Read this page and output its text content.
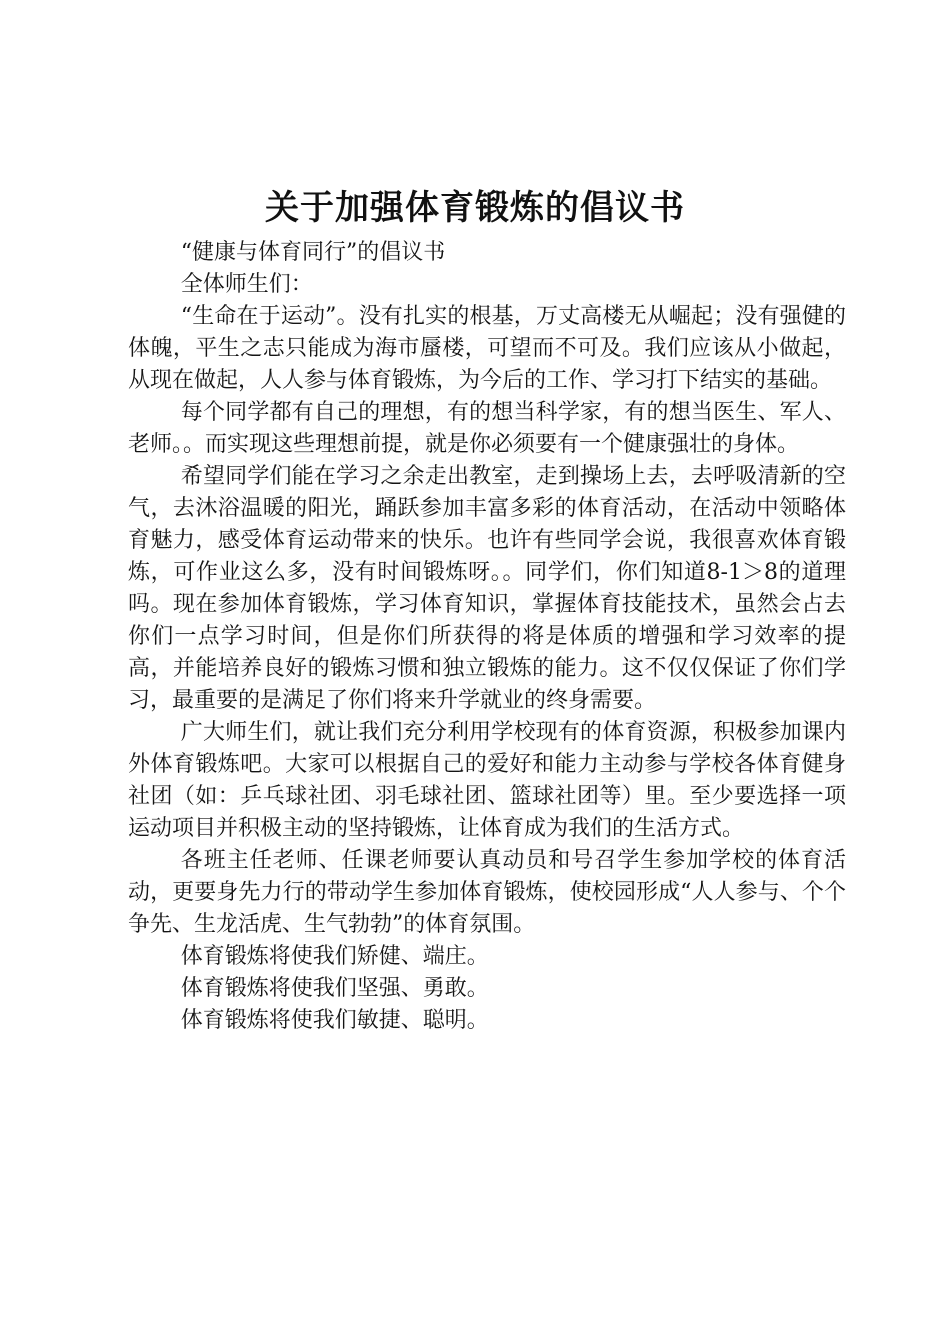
关于加强体育锻炼的倡议书

“健康与体育同行”的倡议书

全体师生们：

“生命在于运动”。没有扎实的根基，万丈高楼无从崛起；没有强健的体魄，平生之志只能成为海市蜃楼，可望而不可及。我们应该从小做起，从现在做起，人人参与体育锻炼，为今后的工作、学习打下结实的基础。

每个同学都有自己的理想，有的想当科学家，有的想当医生、军人、老师。。而实现这些理想前提，就是你必须要有一个健康强壮的身体。

希望同学们能在学习之余走出教室，走到操场上去，去呼吸清新的空气，去沐浴温暖的阳光，踊跃参加丰富多彩的体育活动，在活动中领略体育魅力，感受体育运动带来的快乐。也许有些同学会说，我很喜欢体育锻炼，可作业这么多，没有时间锻炼呀。。同学们，你们知道8-1＞8的道理吗。现在参加体育锻炼，学习体育知识，掌握体育技能技术，虽然会占去你们一点学习时间，但是你们所获得的将是体质的增强和学习效率的提高，并能培养良好的锻炼习惯和独立锻炼的能力。这不仅仅保证了你们学习，最重要的是满足了你们将来升学就业的终身需要。

广大师生们，就让我们充分利用学校现有的体育资源，积极参加课内外体育锻炼吧。大家可以根据自己的爱好和能力主动参与学校各体育健身社团（如：乒乓球社团、羽毛球社团、篮球社团等）里。至少要选择一项运动项目并积极主动的坚持锻炼，让体育成为我们的生活方式。

各班主任老师、任课老师要认真动员和号召学生参加学校的体育活动，更要身先力行的带动学生参加体育锻炼，使校园形成“人人参与、个个争先、生龙活虎、生气勃勃”的体育氛围。

体育锻炼将使我们矫健、端庄。

体育锻炼将使我们坚强、勇敢。

体育锻炼将使我们敏捷、聪明。
